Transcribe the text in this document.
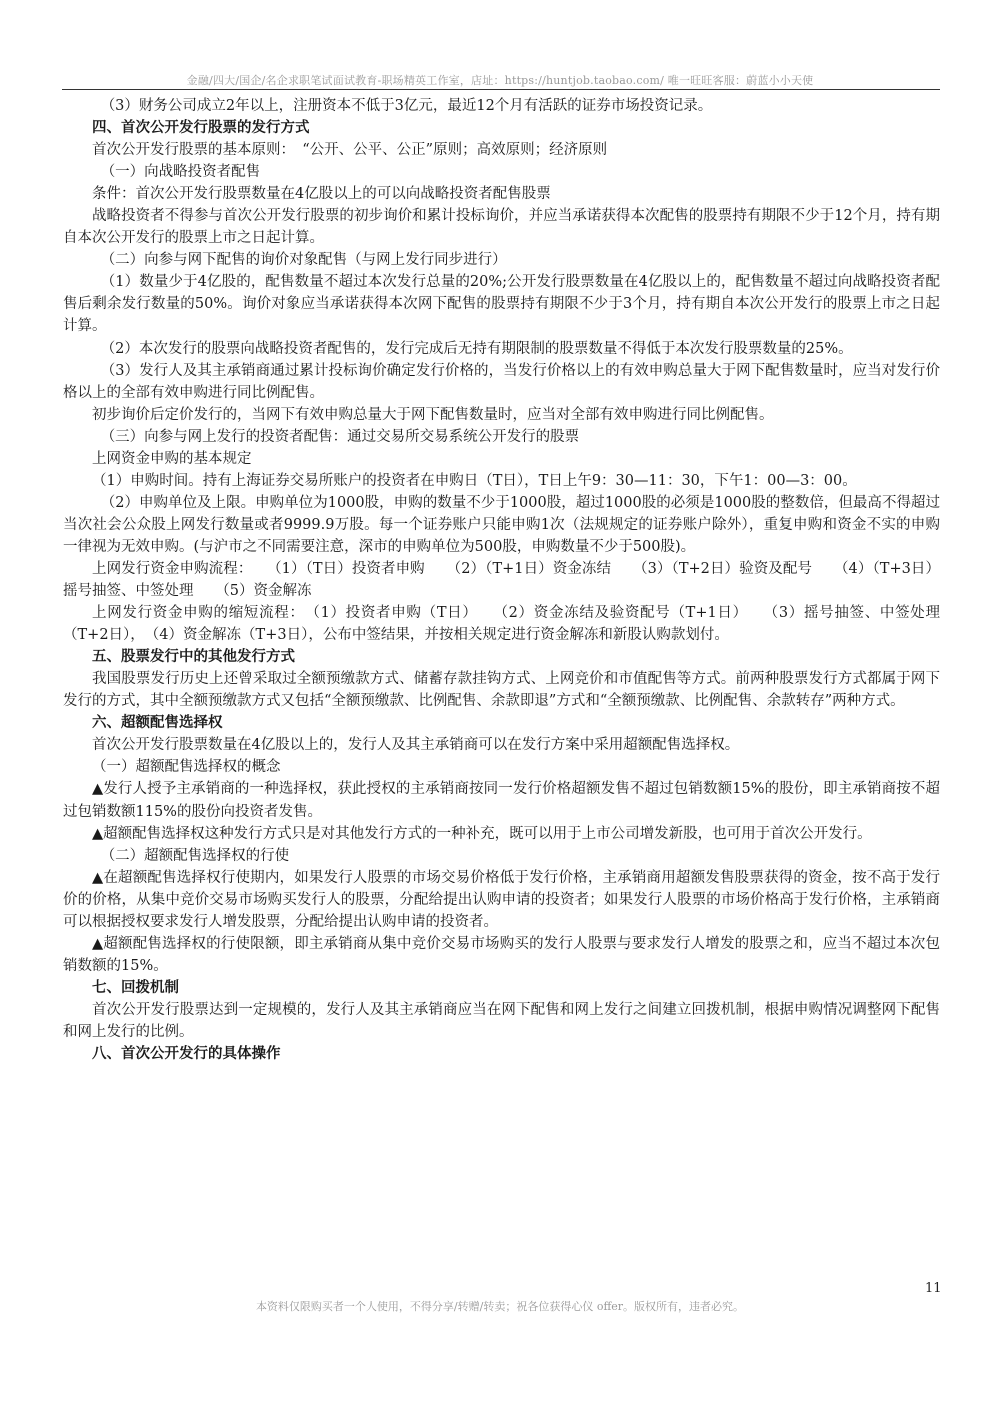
金融/四大/国企/名企求职笔试面试教育-职场精英工作室，店址：https://huntjob.taobao.com/ 唯一旺旺客服：蔚蓝小小天使

（3）财务公司成立2年以上，注册资本不低于3亿元，最近12个月有活跃的证券市场投资记录。

四、首次公开发行股票的发行方式

首次公开发行股票的基本原则：　“公开、公平、公正”原则；高效原则；经济原则

（一）向战略投资者配售

条件：首次公开发行股票数量在4亿股以上的可以向战略投资者配售股票

战略投资者不得参与首次公开发行股票的初步询价和累计投标询价，并应当承诺获得本次配售的股票持有期限不少于12个月，持有期自本次公开发行的股票上市之日起计算。

（二）向参与网下配售的询价对象配售（与网上发行同步进行）

（1）数量少于4亿股的，配售数量不超过本次发行总量的20%;公开发行股票数量在4亿股以上的，配售数量不超过向战略投资者配售后剩余发行数量的50%。询价对象应当承诺获得本次网下配售的股票持有期限不少于3个月，持有期自本次公开发行的股票上市之日起计算。

（2）本次发行的股票向战略投资者配售的，发行完成后无持有期限制的股票数量不得低于本次发行股票数量的25%。

（3）发行人及其主承销商通过累计投标询价确定发行价格的，当发行价格以上的有效申购总量大于网下配售数量时，应当对发行价格以上的全部有效申购进行同比例配售。

初步询价后定价发行的，当网下有效申购总量大于网下配售数量时，应当对全部有效申购进行同比例配售。

（三）向参与网上发行的投资者配售：通过交易所交易系统公开发行的股票

上网资金申购的基本规定

（1）申购时间。持有上海证券交易所账户的投资者在申购日（T日），T日上午9：30—11：30，下午1：00—3：00。

（2）申购单位及上限。申购单位为1000股，申购的数量不少于1000股，超过1000股的必须是1000股的整数倍，但最高不得超过当次社会公众股上网发行数量或者9999.9万股。每一个证券账户只能申购1次（法规规定的证券账户除外），重复申购和资金不实的申购一律视为无效申购。(与沪市之不同需要注意，深市的申购单位为500股，申购数量不少于500股)。

上网发行资金申购流程：　　（1）（T日）投资者申购　　（2）（T+1日）资金冻结　　（3）（T+2日）验资及配号　　（4）（T+3日）摇号抽签、中签处理　　（5）资金解冻

上网发行资金申购的缩短流程：　（1）投资者申购（T日）　　（2）资金冻结及验资配号（T+1日）　　（3）摇号抽签、中签处理（T+2日），　（4）资金解冻（T+3日），公布中签结果，并按相关规定进行资金解冻和新股认购款划付。

五、股票发行中的其他发行方式

我国股票发行历史上还曾采取过全额预缴款方式、储蓄存款挂钩方式、上网竞价和市值配售等方式。前两种股票发行方式都属于网下发行的方式，其中全额预缴款方式又包括“全额预缴款、比例配售、余款即退”方式和“全额预缴款、比例配售、余款转存”两种方式。

六、超额配售选择权

首次公开发行股票数量在4亿股以上的，发行人及其主承销商可以在发行方案中采用超额配售选择权。

（一）超额配售选择权的概念

▲发行人授予主承销商的一种选择权，获此授权的主承销商按同一发行价格超额发售不超过包销数额15%的股份，即主承销商按不超过包销数额115%的股份向投资者发售。

▲超额配售选择权这种发行方式只是对其他发行方式的一种补充，既可以用于上市公司增发新股，也可用于首次公开发行。

（二）超额配售选择权的行使

▲在超额配售选择权行使期内，如果发行人股票的市场交易价格低于发行价格，主承销商用超额发售股票获得的资金，按不高于发行价的价格，从集中竞价交易市场购买发行人的股票，分配给提出认购申请的投资者；如果发行人股票的市场价格高于发行价格，主承销商可以根据授权要求发行人增发股票，分配给提出认购申请的投资者。

▲超额配售选择权的行使限额，即主承销商从集中竞价交易市场购买的发行人股票与要求发行人增发的股票之和，应当不超过本次包销数额的15%。

七、回拨机制

首次公开发行股票达到一定规模的，发行人及其主承销商应当在网下配售和网上发行之间建立回拨机制，根据申购情况调整网下配售和网上发行的比例。

八、首次公开发行的具体操作

11
本资料仅限购买者一个人使用，不得分享/转赠/转卖；祝各位获得心仪 offer。版权所有，违者必究。
